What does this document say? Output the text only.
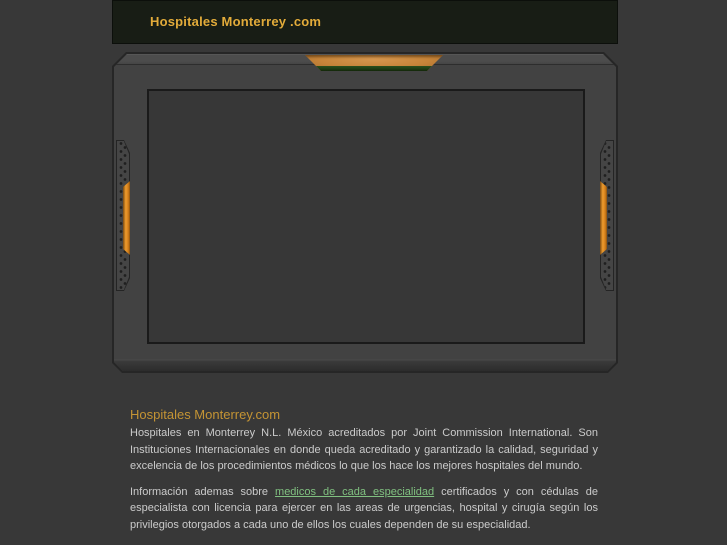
Hospitales Monterrey .com
Hospitales Monterrey.com

Hospitales en Monterrey N.L. México acreditados por Joint Commission International. Son Instituciones Internacionales en donde queda acreditado y garantizado la calidad, seguridad y excelencia de los procedimientos médicos lo que los hace los mejores hospitales del mundo.

Información ademas sobre medicos de cada especialidad certificados y con cédulas de especialista con licencia para ejercer en las areas de urgencias, hospital y cirugía según los privilegios otorgados a cada uno de ellos los cuales dependen de su especialidad.
